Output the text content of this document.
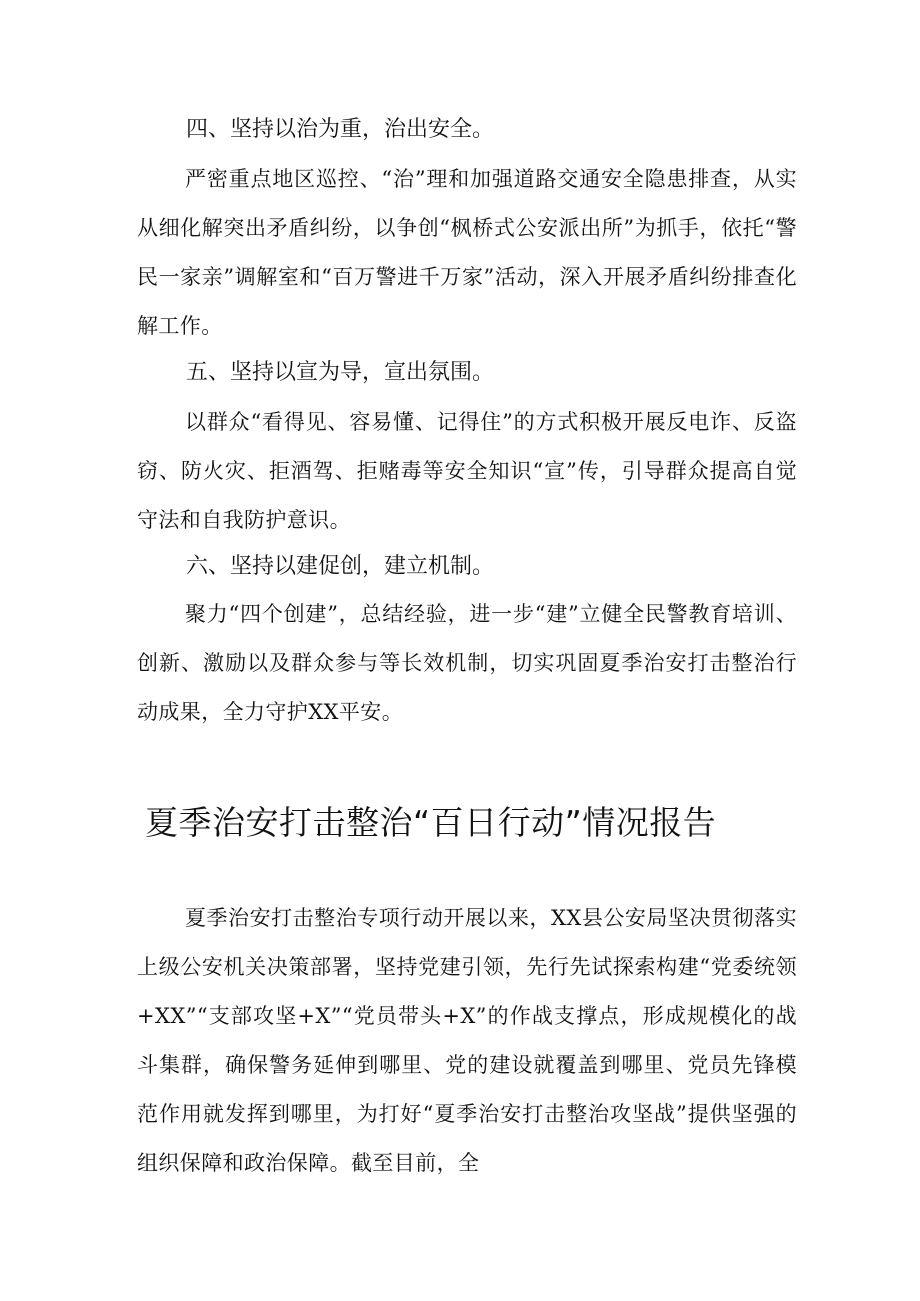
四、坚持以治为重，治出安全。

严密重点地区巡控、“治”理和加强道路交通安全隐患排查，从实从细化解突出矛盾纠纷，以争创“枫桥式公安派出所”为抓手，依托“警民一家亲”调解室和“百万警进千万家”活动，深入开展矛盾纠纷排查化解工作。

五、坚持以宣为导，宣出氛围。

以群众“看得见、容易懂、记得住”的方式积极开展反电诈、反盗窃、防火灾、拒酒驾、拒赌毒等安全知识“宣”传，引导群众提高自觉守法和自我防护意识。

六、坚持以建促创，建立机制。

聚力“四个创建”，总结经验，进一步“建”立健全民警教育培训、创新、激励以及群众参与等长效机制，切实巩固夏季治安打击整治行动成果，全力守护XX平安。

夏季治安打击整治“百日行动”情况报告

夏季治安打击整治专项行动开展以来，XX县公安局坚决贯彻落实上级公安机关决策部署，坚持党建引领，先行先试探索构建“党委统领+XX”“支部攻坚+X”“党员带头+X”的作战支撑点，形成规模化的战斗集群，确保警务延伸到哪里、党的建设就覆盖到哪里、党员先锋模范作用就发挥到哪里，为打好“夏季治安打击整治攻坚战”提供坚强的组织保障和政治保障。截至目前，全
